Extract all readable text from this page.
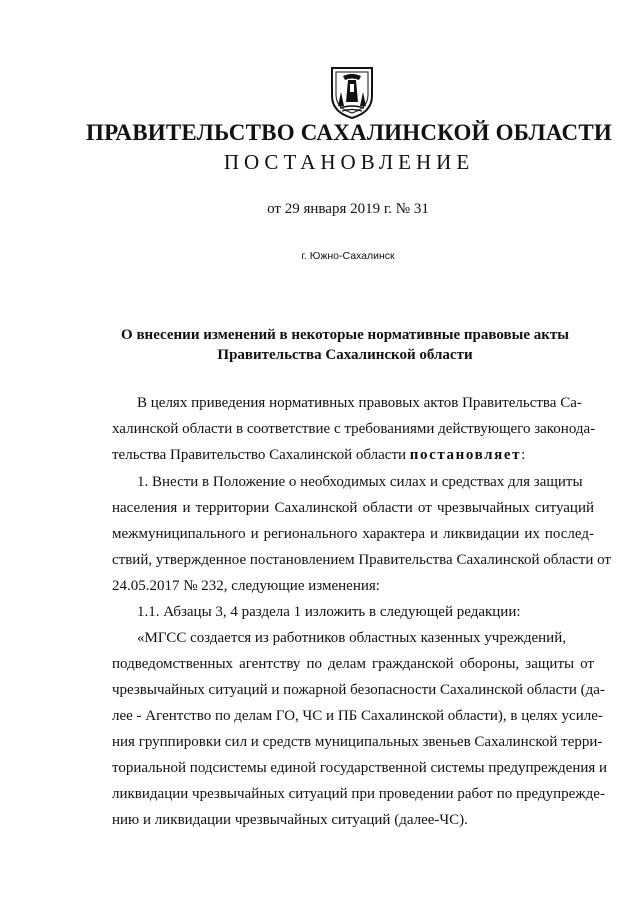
ПРАВИТЕЛЬСТВО САХАЛИНСКОЙ ОБЛАСТИ
ПОСТАНОВЛЕНИЕ
от 29 января 2019 г. № 31
г. Южно-Сахалинск
О внесении изменений в некоторые нормативные правовые акты
Правительства Сахалинской области
В целях приведения нормативных правовых актов Правительства Са-
халинской области в соответствие с требованиями действующего законода-
тельства Правительство Сахалинской области постановляет:
1. Внести в Положение о необходимых силах и средствах для защиты
населения и территории Сахалинской области от чрезвычайных ситуаций
межмуниципального и регионального характера и ликвидации их послед-
ствий, утвержденное постановлением Правительства Сахалинской области от
24.05.2017 № 232, следующие изменения:
1.1. Абзацы 3, 4 раздела 1 изложить в следующей редакции:
«МГСС создается из работников областных казенных учреждений,
подведомственных агентству по делам гражданской обороны, защиты от
чрезвычайных ситуаций и пожарной безопасности Сахалинской области (да-
лее - Агентство по делам ГО, ЧС и ПБ Сахалинской области), в целях усиле-
ния группировки сил и средств муниципальных звеньев Сахалинской терри-
ториальной подсистемы единой государственной системы предупреждения и
ликвидации чрезвычайных ситуаций при проведении работ по предупрежде-
нию и ликвидации чрезвычайных ситуаций (далее-ЧС).
